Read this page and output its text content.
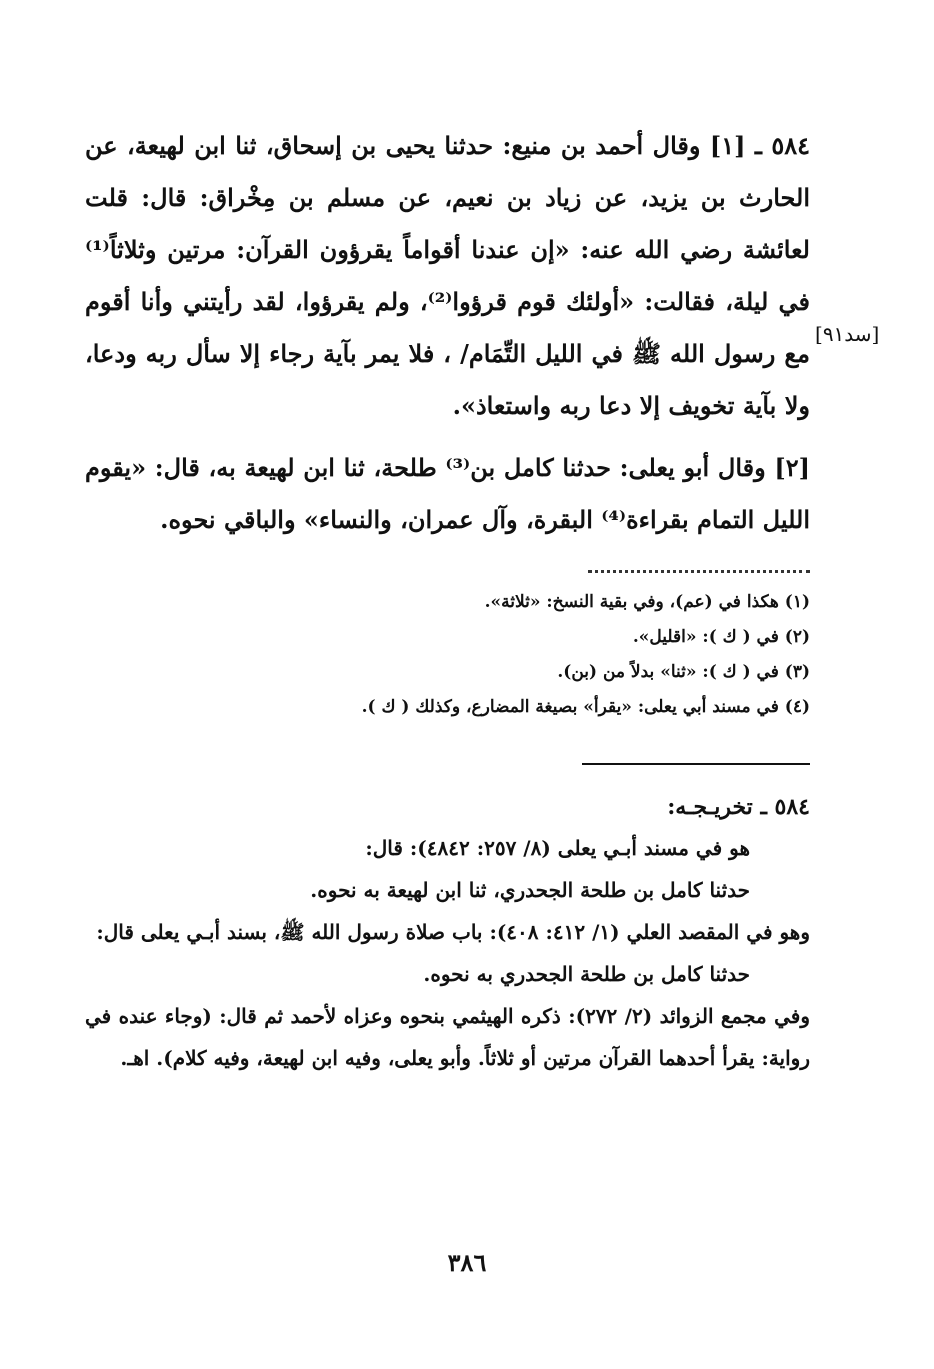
٥٨٤ ـ [١] وقال أحمد بن منيع: حدثنا يحيى بن إسحاق، ثنا ابن لهيعة، عن الحارث بن يزيد، عن زياد بن نعيم، عن مسلم بن مِخْراق: قال: قلت لعائشة رضي الله عنه: «إن عندنا أقواماً يقرؤون القرآن: مرتين وثلاثاً⁽¹⁾ في ليلة، فقالت: «أولئك قوم قرؤوا⁽²⁾، ولم يقرؤوا، لقد رأيتني وأنا أقوم مع رسول الله ﷺ في الليل التِّمَام/ ، فلا يمر بآية رجاء إلا سأل ربه ودعا، ولا بآية تخويف إلا دعا ربه واستعاذ».

[٢] وقال أبو يعلى: حدثنا كامل بن⁽³⁾ طلحة، ثنا ابن لهيعة به، قال: «يقوم الليل التمام بقراءة⁽⁴⁾ البقرة، وآل عمران، والنساء» والباقي نحوه.

(١) هكذا في (عم)، وفي بقية النسخ: «ثلاثة».

(٢) في ( ك ): «اقليل».

(٣) في ( ك ): «ثنا» بدلاً من (بن).

(٤) في مسند أبي يعلى: «يقرأ» بصيغة المضارع، وكذلك ( ك ).

٥٨٤ ـ تخريـجـه:

هو في مسند أبـي يعلى (٨/ ٢٥٧: ٤٨٤٢): قال:

حدثنا كامل بن طلحة الجحدري، ثنا ابن لهيعة به نحوه.

وهو في المقصد العلي (١/ ٤١٢: ٤٠٨): باب صلاة رسول الله ﷺ، بسند أبـي يعلى قال:

حدثنا كامل بن طلحة الجحدري به نحوه.

وفي مجمع الزوائد (٢/ ٢٧٢): ذكره الهيثمي بنحوه وعزاه لأحمد ثم قال: (وجاء عنده في رواية: يقرأ أحدهما القرآن مرتين أو ثلاثاً. وأبو يعلى، وفيه ابن لهيعة، وفيه كلام). اهـ.

[سد٩١]
٣٨٦
